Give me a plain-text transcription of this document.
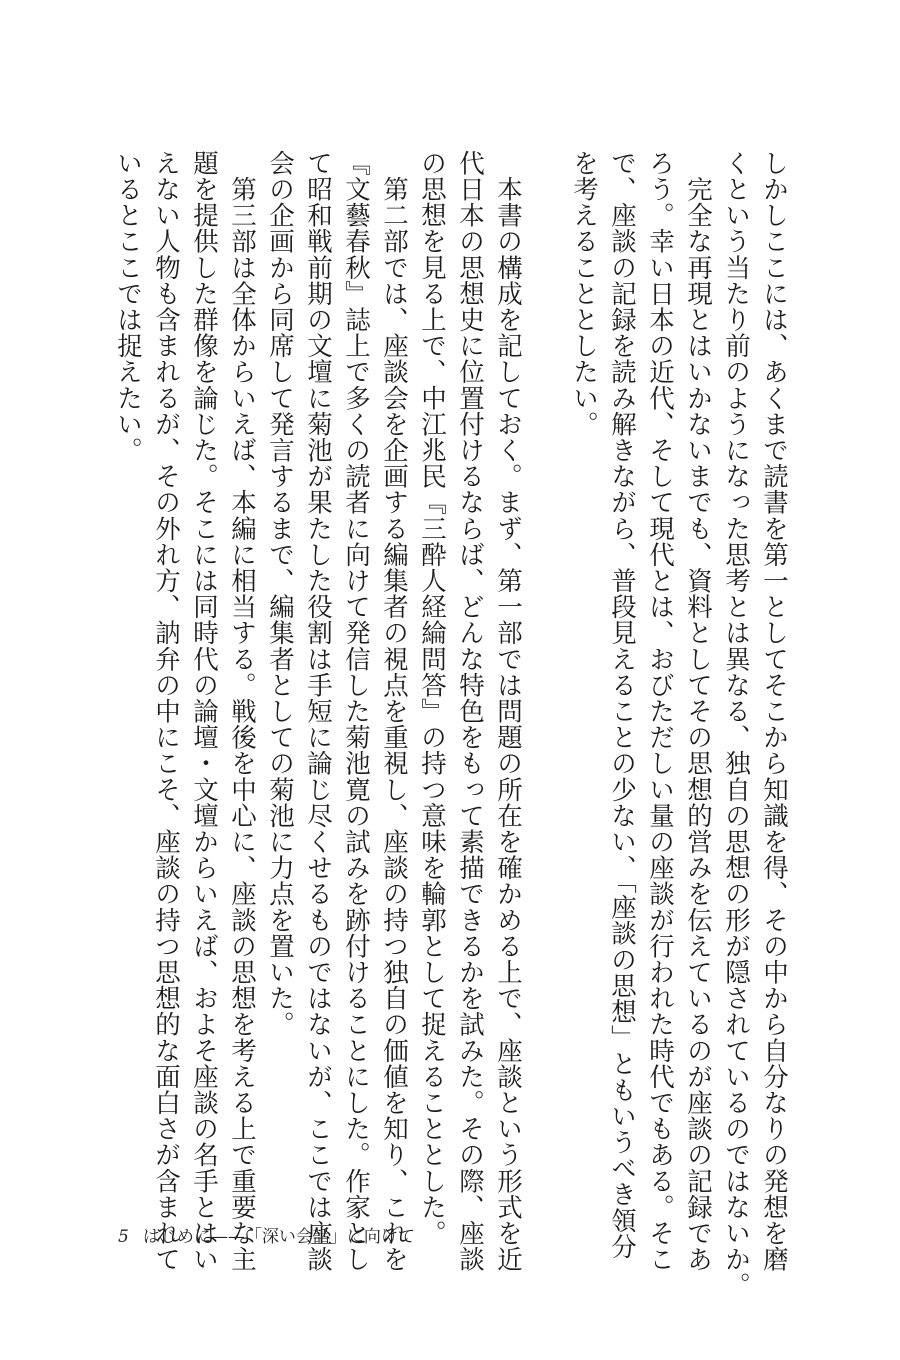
しかしここには、あくまで読書を第一としてそこから知識を得、その中から自分なりの発想を磨
くという当たり前のようになった思考とは異なる、独自の思想の形が隠されているのではないか。
　完全な再現とはいかないまでも、資料としてその思想的営みを伝えているのが座談の記録であ
ろう。幸い日本の近代、そして現代とは、おびただしい量の座談が行われた時代でもある。そこ
で、座談の記録を読み解きながら、普段見えることの少ない、「座談の思想」ともいうべき領分
を考えることとしたい。
　本書の構成を記しておく。まず、第一部では問題の所在を確かめる上で、座談という形式を近
代日本の思想史に位置付けるならば、どんな特色をもって素描できるかを試みた。その際、座談
の思想を見る上で、中江兆民『三酔人経綸問答』の持つ意味を輪郭として捉えることとした。
　第二部では、座談会を企画する編集者の視点を重視し、座談の持つ独自の価値を知り、これを
『文藝春秋』誌上で多くの読者に向けて発信した菊池寛の試みを跡付けることにした。作家とし
て昭和戦前期の文壇に菊池が果たした役割は手短に論じ尽くせるものではないが、ここでは座談
会の企画から同席して発言するまで、編集者としての菊池に力点を置いた。
　第三部は全体からいえば、本編に相当する。戦後を中心に、座談の思想を考える上で重要な主
題を提供した群像を論じた。そこには同時代の論壇・文壇からいえば、およそ座談の名手とはい
えない人物も含まれるが、その外れ方、訥弁の中にこそ、座談の持つ思想的な面白さが含まれて
いるとここでは捉えたい。
5 はじめに——「深い会話」に向けて
